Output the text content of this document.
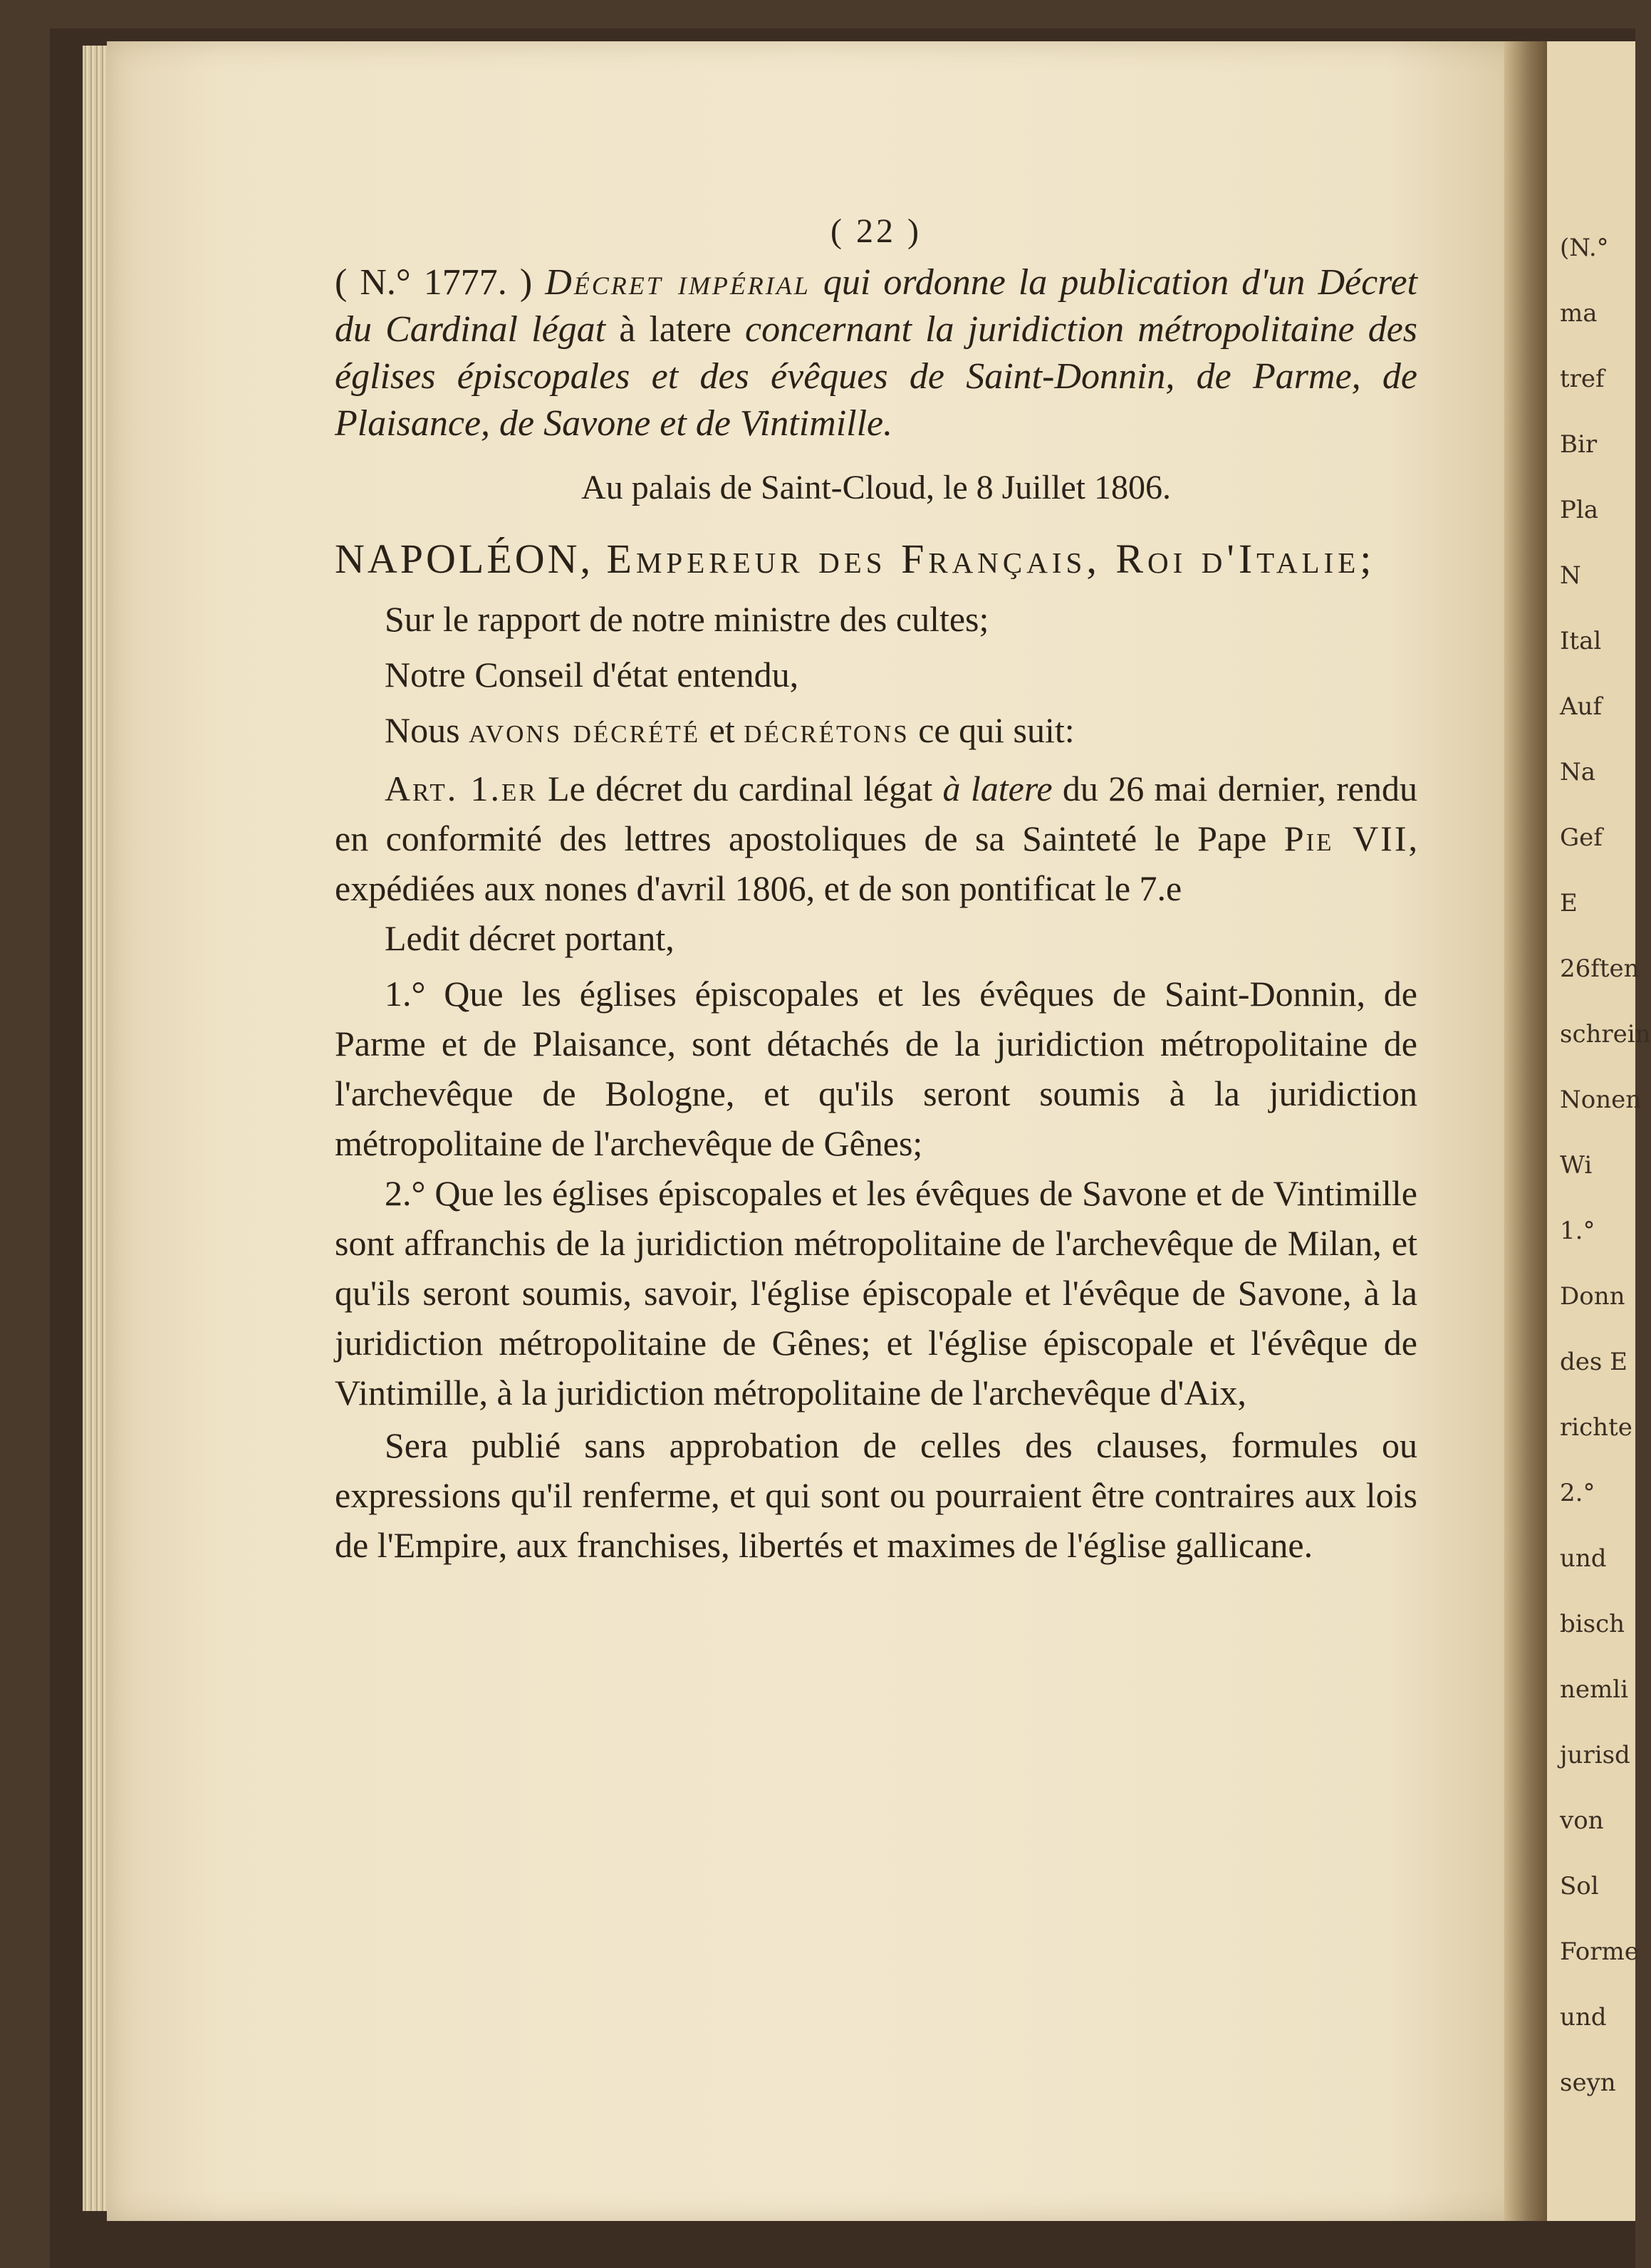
(N.°
ma
tref
Bir
Pla
N
Ital
Auf
Na
Gef
E
26ften
schrein
Nonen
Wi
1.°
Donn
des E
richte
2.°
und
bisch
nemli
jurisd
von
Sol
Forme
und
seyn
( 22 )
( N.° 1777. ) Décret impérial qui ordonne la publication d'un Décret du Cardinal légat à latere concernant la juridiction métropolitaine des églises épiscopales et des évêques de Saint-Donnin, de Parme, de Plaisance, de Savone et de Vintimille.
Au palais de Saint-Cloud, le 8 Juillet 1806.
NAPOLÉON, Empereur des Français, Roi d'Italie;
Sur le rapport de notre ministre des cultes;
Notre Conseil d'état entendu,
Nous avons décrété et décrétons ce qui suit:
Art. 1.er Le décret du cardinal légat à latere du 26 mai dernier, rendu en conformité des lettres apostoliques de sa Sainteté le Pape Pie VII, expédiées aux nones d'avril 1806, et de son pontificat le 7.e
Ledit décret portant,
1.° Que les églises épiscopales et les évêques de Saint-Donnin, de Parme et de Plaisance, sont détachés de la juridiction métropolitaine de l'archevêque de Bologne, et qu'ils seront soumis à la juridiction métropolitaine de l'archevêque de Gênes;
2.° Que les églises épiscopales et les évêques de Savone et de Vintimille sont affranchis de la juridiction métropolitaine de l'archevêque de Milan, et qu'ils seront soumis, savoir, l'église épiscopale et l'évêque de Savone, à la juridiction métropolitaine de Gênes; et l'église épiscopale et l'évêque de Vintimille, à la juridiction métropolitaine de l'archevêque d'Aix,
Sera publié sans approbation de celles des clauses, formules ou expressions qu'il renferme, et qui sont ou pourraient être contraires aux lois de l'Empire, aux franchises, libertés et maximes de l'église gallicane.
